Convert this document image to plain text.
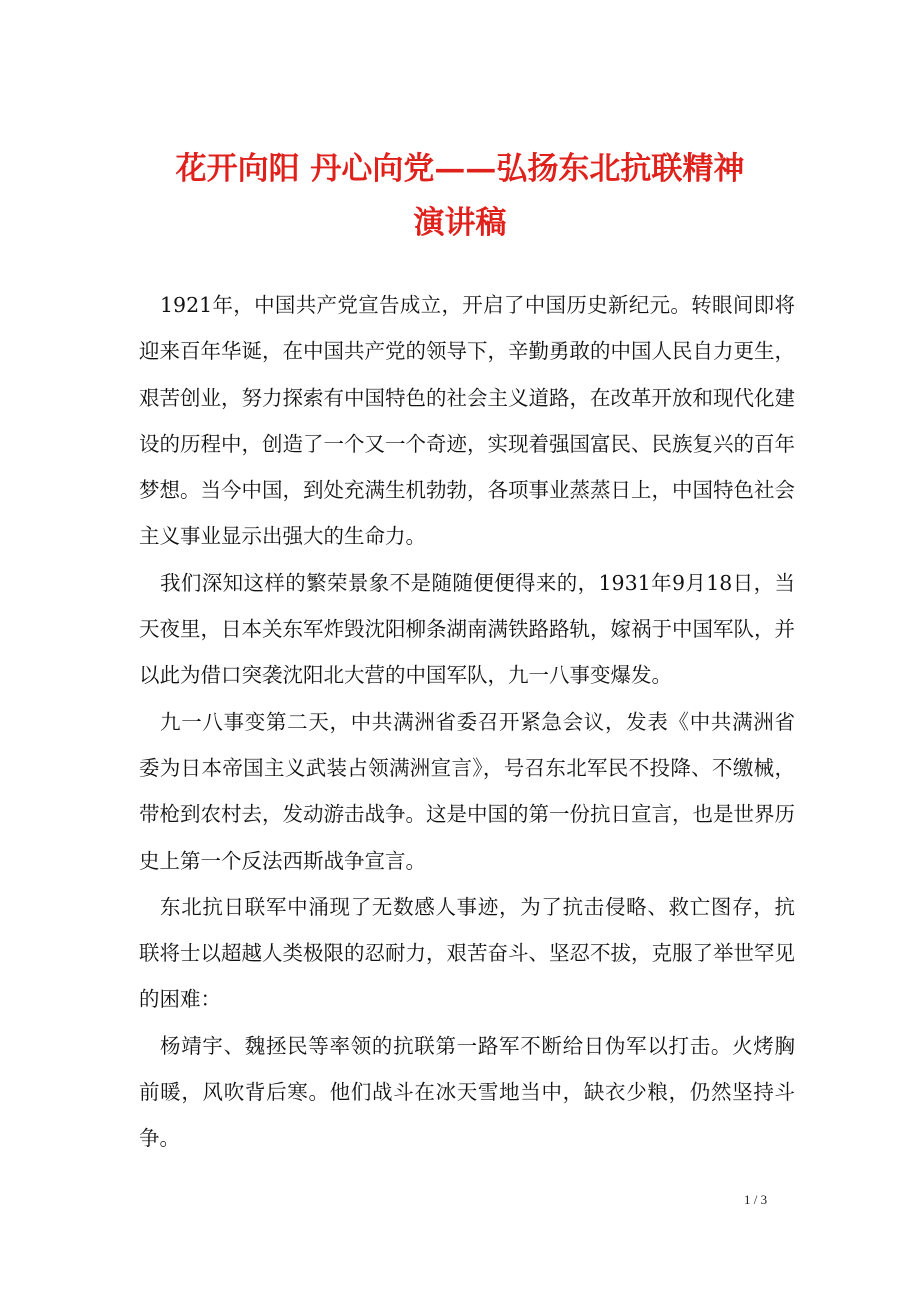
花开向阳 丹心向党——弘扬东北抗联精神
演讲稿

1921年，中国共产党宣告成立，开启了中国历史新纪元。转眼间即将迎来百年华诞，在中国共产党的领导下，辛勤勇敢的中国人民自力更生，艰苦创业，努力探索有中国特色的社会主义道路，在改革开放和现代化建设的历程中，创造了一个又一个奇迹，实现着强国富民、民族复兴的百年梦想。当今中国，到处充满生机勃勃，各项事业蒸蒸日上，中国特色社会主义事业显示出强大的生命力。

我们深知这样的繁荣景象不是随随便便得来的，1931年9月18日，当天夜里，日本关东军炸毁沈阳柳条湖南满铁路路轨，嫁祸于中国军队，并以此为借口突袭沈阳北大营的中国军队，九一八事变爆发。

九一八事变第二天，中共满洲省委召开紧急会议，发表《中共满洲省委为日本帝国主义武装占领满洲宣言》，号召东北军民不投降、不缴械，带枪到农村去，发动游击战争。这是中国的第一份抗日宣言，也是世界历史上第一个反法西斯战争宣言。

东北抗日联军中涌现了无数感人事迹，为了抗击侵略、救亡图存，抗联将士以超越人类极限的忍耐力，艰苦奋斗、坚忍不拔，克服了举世罕见的困难：

杨靖宇、魏拯民等率领的抗联第一路军不断给日伪军以打击。火烤胸前暖，风吹背后寒。他们战斗在冰天雪地当中，缺衣少粮，仍然坚持斗争。

1 / 3
